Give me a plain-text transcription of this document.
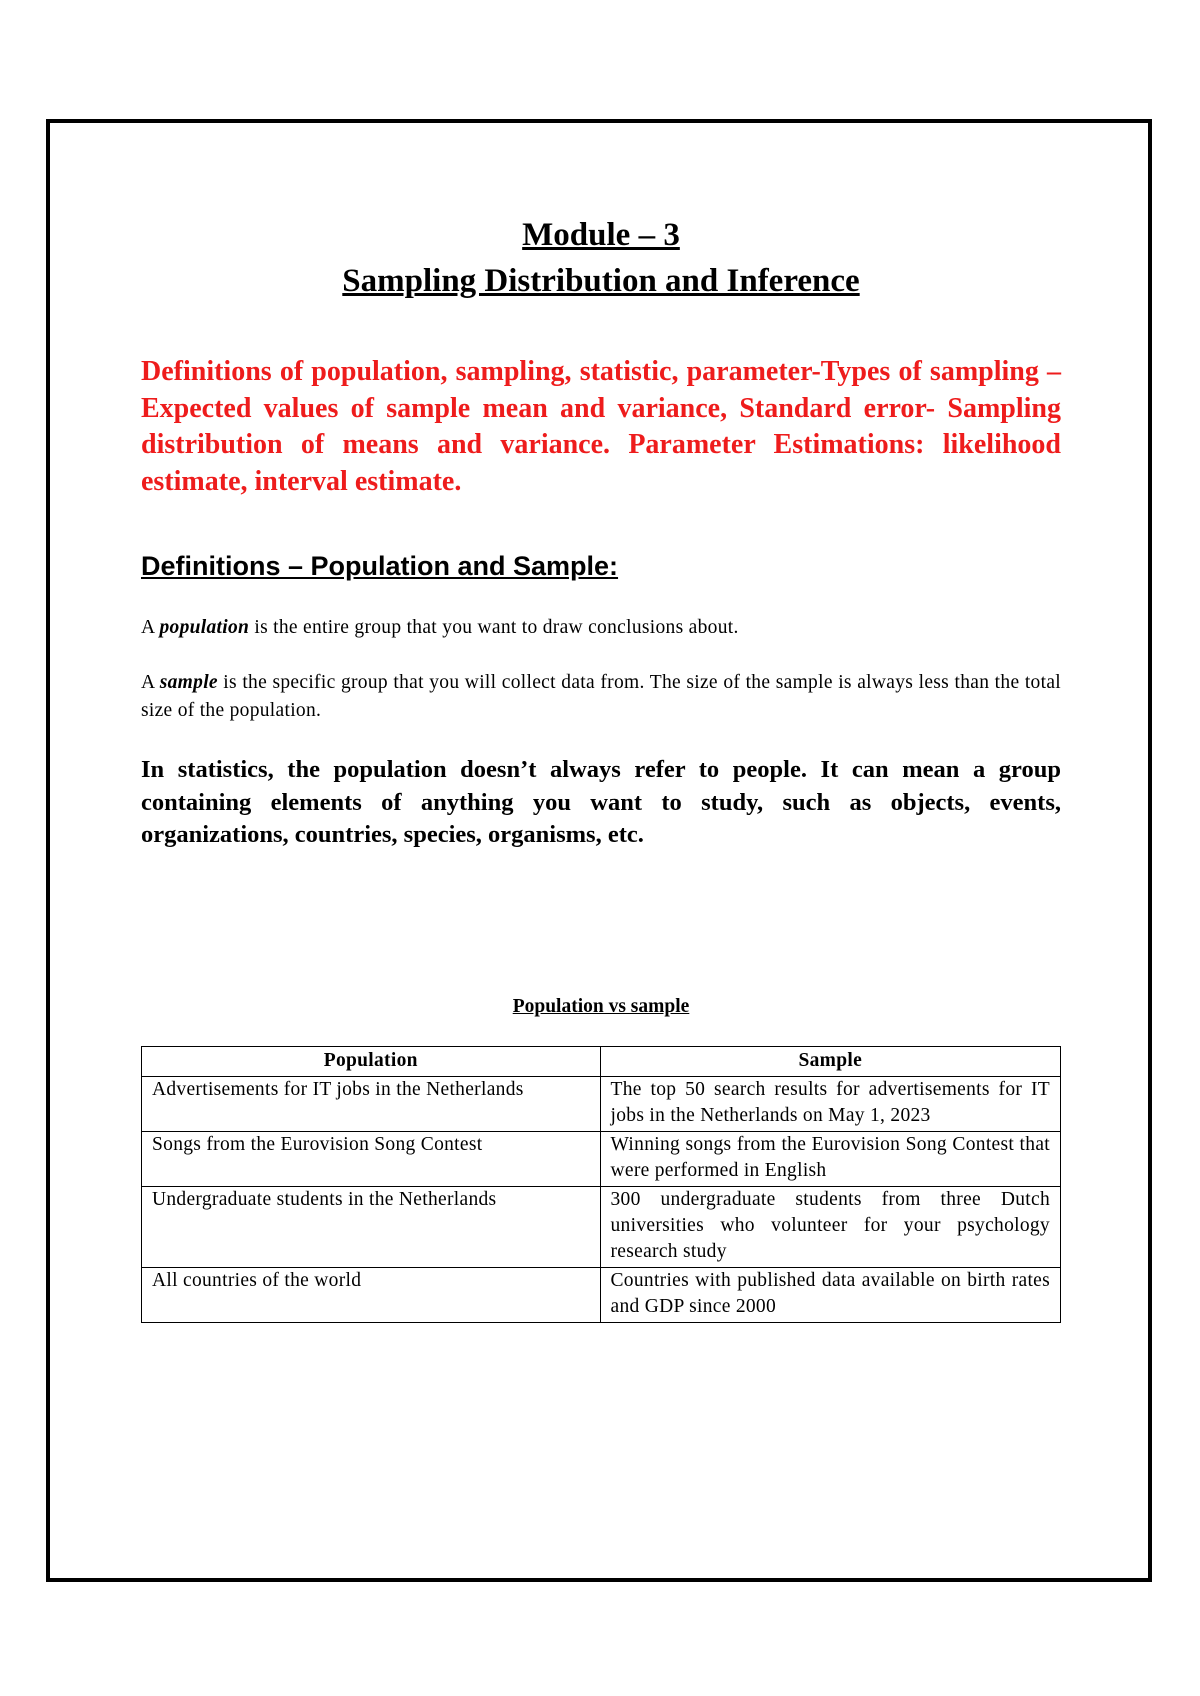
Module – 3
Sampling Distribution and Inference
Definitions of population, sampling, statistic, parameter-Types of sampling – Expected values of sample mean and variance, Standard error- Sampling distribution of means and variance. Parameter Estimations: likelihood estimate, interval estimate.
Definitions – Population and Sample:
A population is the entire group that you want to draw conclusions about.
A sample is the specific group that you will collect data from. The size of the sample is always less than the total size of the population.
In statistics, the population doesn’t always refer to people. It can mean a group containing elements of anything you want to study, such as objects, events, organizations, countries, species, organisms, etc.
Population vs sample
Population	Sample
Advertisements for IT jobs in the Netherlands	The top 50 search results for advertisements for IT jobs in the Netherlands on May 1, 2023
Songs from the Eurovision Song Contest	Winning songs from the Eurovision Song Contest that were performed in English
Undergraduate students in the Netherlands	300 undergraduate students from three Dutch universities who volunteer for your psychology research study
All countries of the world	Countries with published data available on birth rates and GDP since 2000
